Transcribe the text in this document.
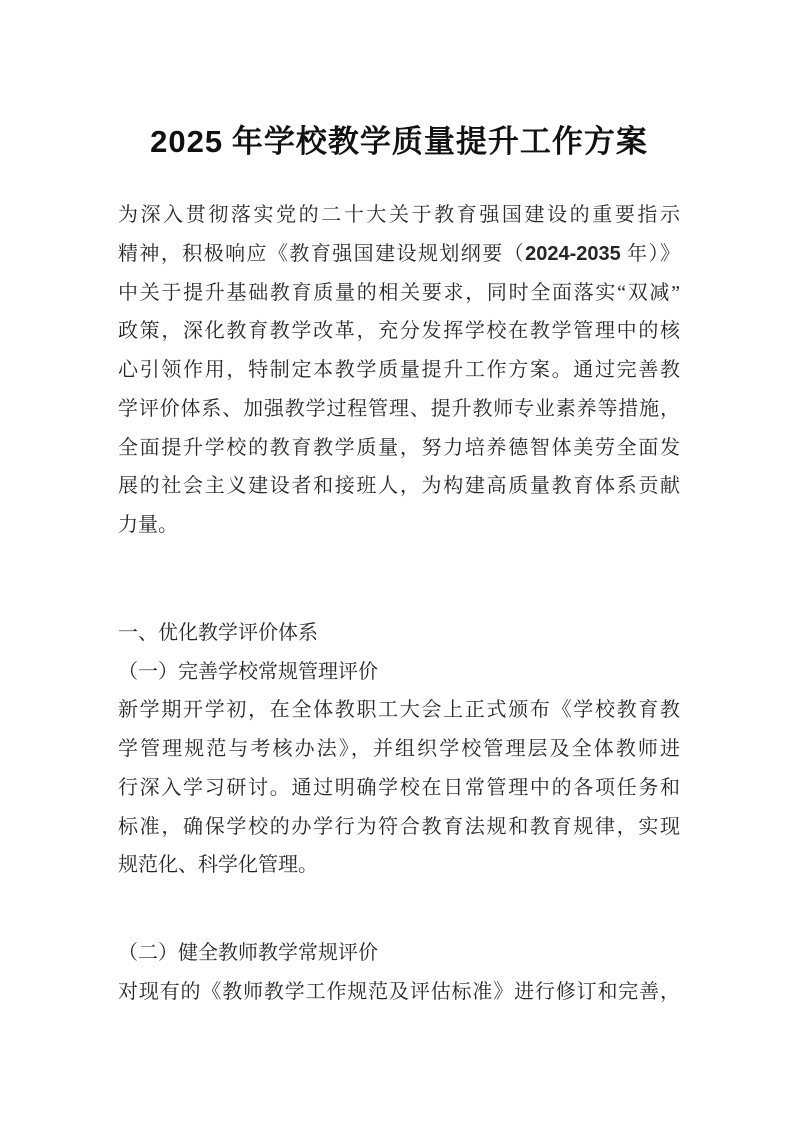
2025 年学校教学质量提升工作方案
为深入贯彻落实党的二十大关于教育强国建设的重要指示
精神，积极响应《教育强国建设规划纲要（2024-2035 年）》
中关于提升基础教育质量的相关要求，同时全面落实“双减”
政策，深化教育教学改革，充分发挥学校在教学管理中的核
心引领作用，特制定本教学质量提升工作方案。通过完善教
学评价体系、加强教学过程管理、提升教师专业素养等措施，
全面提升学校的教育教学质量，努力培养德智体美劳全面发
展的社会主义建设者和接班人，为构建高质量教育体系贡献
力量。
一、优化教学评价体系
（一）完善学校常规管理评价
新学期开学初，在全体教职工大会上正式颁布《学校教育教
学管理规范与考核办法》，并组织学校管理层及全体教师进
行深入学习研讨。通过明确学校在日常管理中的各项任务和
标准，确保学校的办学行为符合教育法规和教育规律，实现
规范化、科学化管理。
（二）健全教师教学常规评价
对现有的《教师教学工作规范及评估标准》进行修订和完善，
